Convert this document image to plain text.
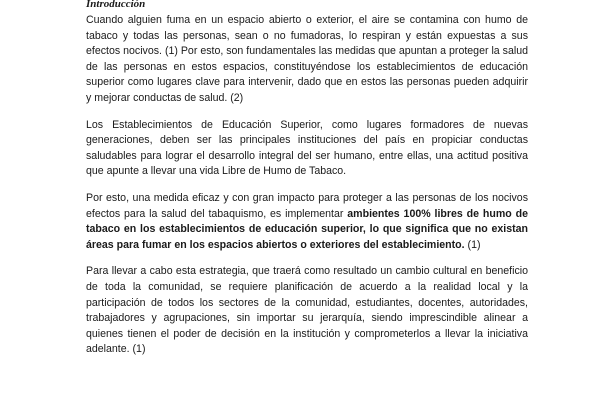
Introducción

Cuando alguien fuma en un espacio abierto o exterior, el aire se contamina con humo de tabaco y todas las personas, sean o no fumadoras, lo respiran y están expuestas a sus efectos nocivos. (1) Por esto, son fundamentales las medidas que apuntan a proteger la salud de las personas en estos espacios, constituyéndose los establecimientos de educación superior como lugares clave para intervenir, dado que en estos las personas pueden adquirir y mejorar conductas de salud. (2)

Los Establecimientos de Educación Superior, como lugares formadores de nuevas generaciones, deben ser las principales instituciones del país en propiciar conductas saludables para lograr el desarrollo integral del ser humano, entre ellas, una actitud positiva que apunte a llevar una vida Libre de Humo de Tabaco.

Por esto, una medida eficaz y con gran impacto para proteger a las personas de los nocivos efectos para la salud del tabaquismo, es implementar ambientes 100% libres de humo de tabaco en los establecimientos de educación superior, lo que significa que no existan áreas para fumar en los espacios abiertos o exteriores del establecimiento. (1)

Para llevar a cabo esta estrategia, que traerá como resultado un cambio cultural en beneficio de toda la comunidad, se requiere planificación de acuerdo a la realidad local y la participación de todos los sectores de la comunidad, estudiantes, docentes, autoridades, trabajadores y agrupaciones, sin importar su jerarquía, siendo imprescindible alinear a quienes tienen el poder de decisión en la institución y comprometerlos a llevar la iniciativa adelante. (1)
